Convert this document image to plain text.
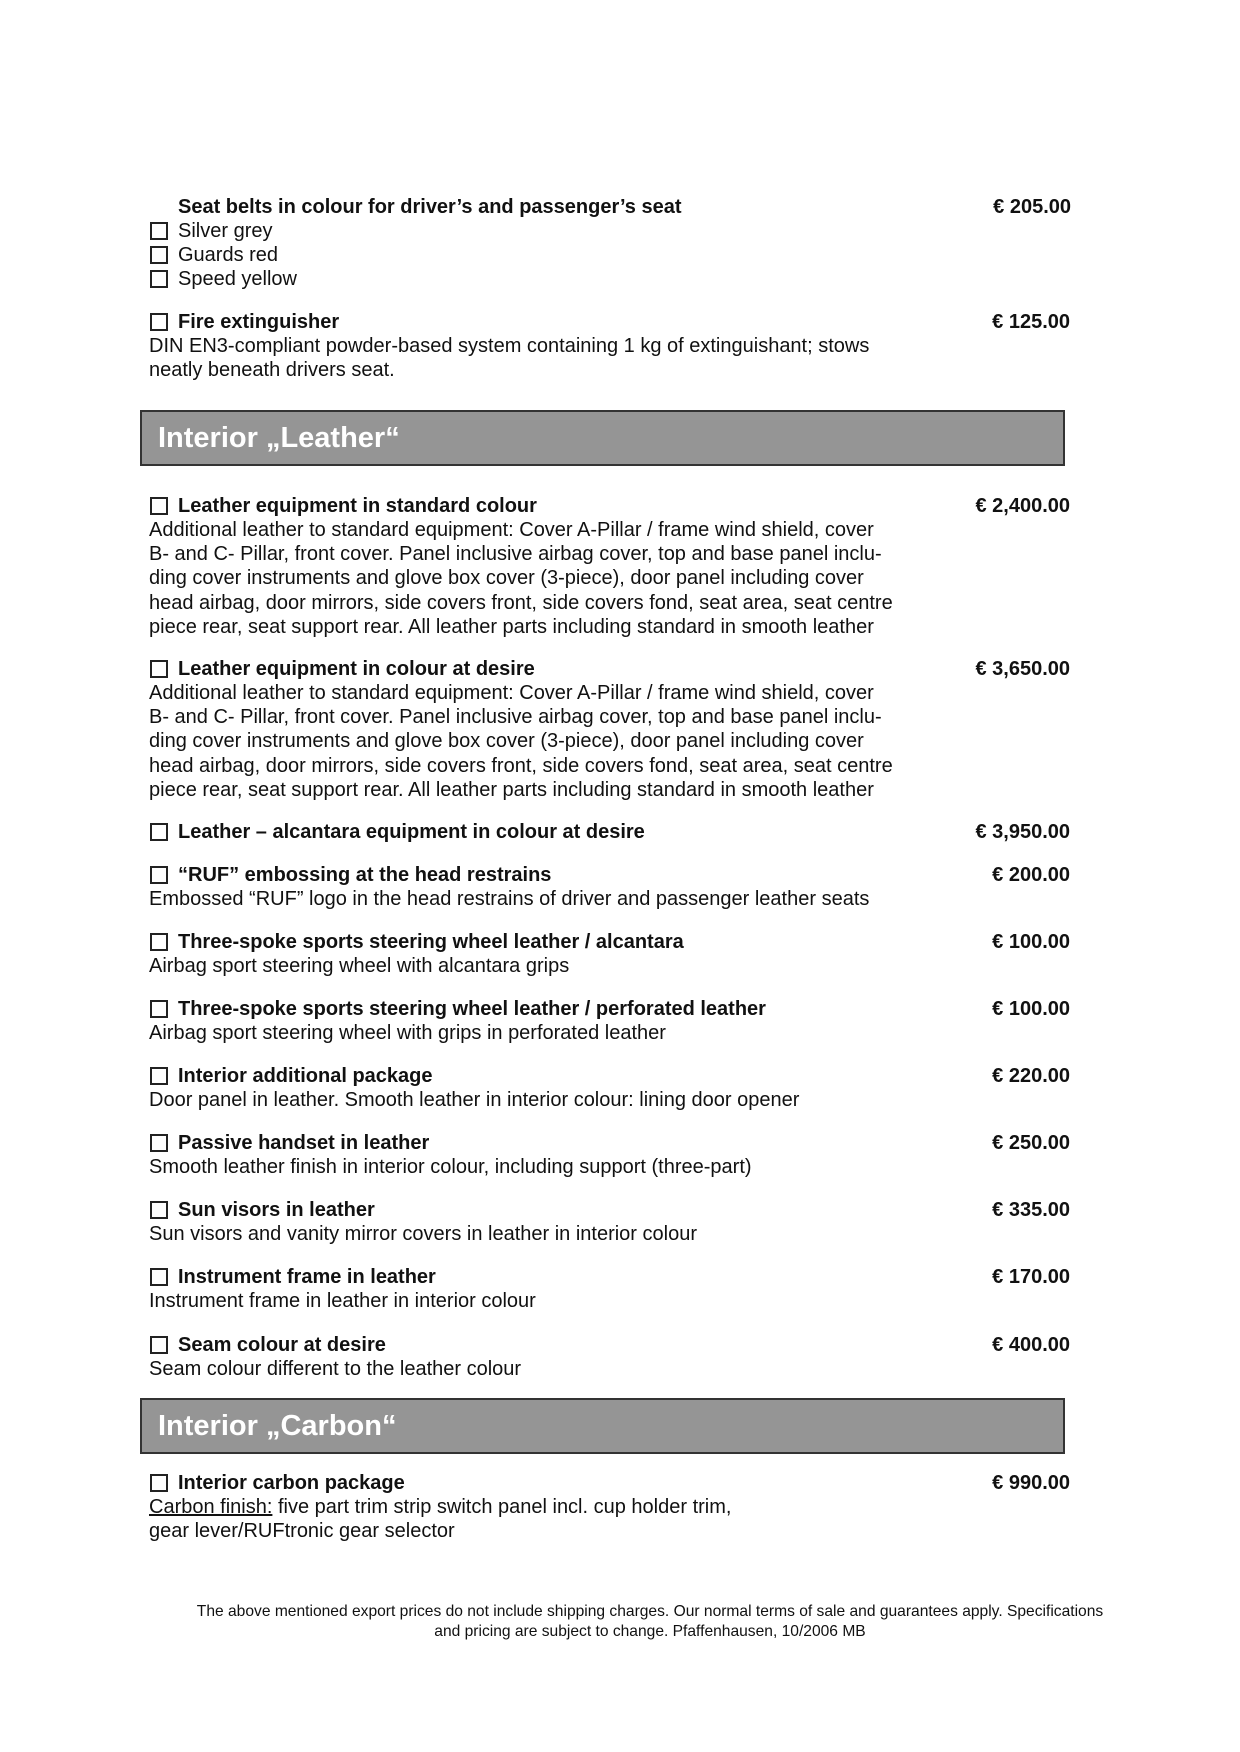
Seat belts in colour for driver’s and passenger’s seat	€ 205.00
Silver grey
Guards red
Speed yellow
Fire extinguisher	€ 125.00
DIN EN3-compliant powder-based system containing 1 kg of extinguishant; stows
neatly beneath drivers seat.
Interior „Leather“
Leather equipment in standard colour	€ 2,400.00
Additional leather to standard equipment: Cover A-Pillar / frame wind shield, cover
B- and C- Pillar, front cover. Panel inclusive airbag cover, top and base panel inclu-
ding cover instruments and glove box cover (3-piece), door panel including cover
head airbag, door mirrors, side covers front, side covers fond, seat area, seat centre
piece rear, seat support rear. All leather parts including standard in smooth leather
Leather equipment in colour at desire	€ 3,650.00
Additional leather to standard equipment: Cover A-Pillar / frame wind shield, cover
B- and C- Pillar, front cover. Panel inclusive airbag cover, top and base panel inclu-
ding cover instruments and glove box cover (3-piece), door panel including cover
head airbag, door mirrors, side covers front, side covers fond, seat area, seat centre
piece rear, seat support rear. All leather parts including standard in smooth leather
Leather – alcantara equipment in colour at desire	€ 3,950.00
“RUF” embossing at the head restrains	€ 200.00
Embossed “RUF” logo in the head restrains of driver and passenger leather seats
Three-spoke sports steering wheel leather / alcantara	€ 100.00
Airbag sport steering wheel with alcantara grips
Three-spoke sports steering wheel leather / perforated leather	€ 100.00
Airbag sport steering wheel with grips in perforated leather
Interior additional package	€ 220.00
Door panel in leather. Smooth leather in interior colour: lining door opener
Passive handset in leather	€ 250.00
Smooth leather finish in interior colour, including support (three-part)
Sun visors in leather	€ 335.00
Sun visors and vanity mirror covers in leather in interior colour
Instrument frame in leather	€ 170.00
Instrument frame in leather in interior colour
Seam colour at desire	€ 400.00
Seam colour different to the leather colour
Interior „Carbon“
Interior carbon package	€ 990.00
Carbon finish: five part trim strip switch panel incl. cup holder trim,
gear lever/RUFtronic gear selector
The above mentioned export prices do not include shipping charges. Our normal terms of sale and guarantees apply. Specifications
and pricing are subject to change. Pfaffenhausen, 10/2006 MB
